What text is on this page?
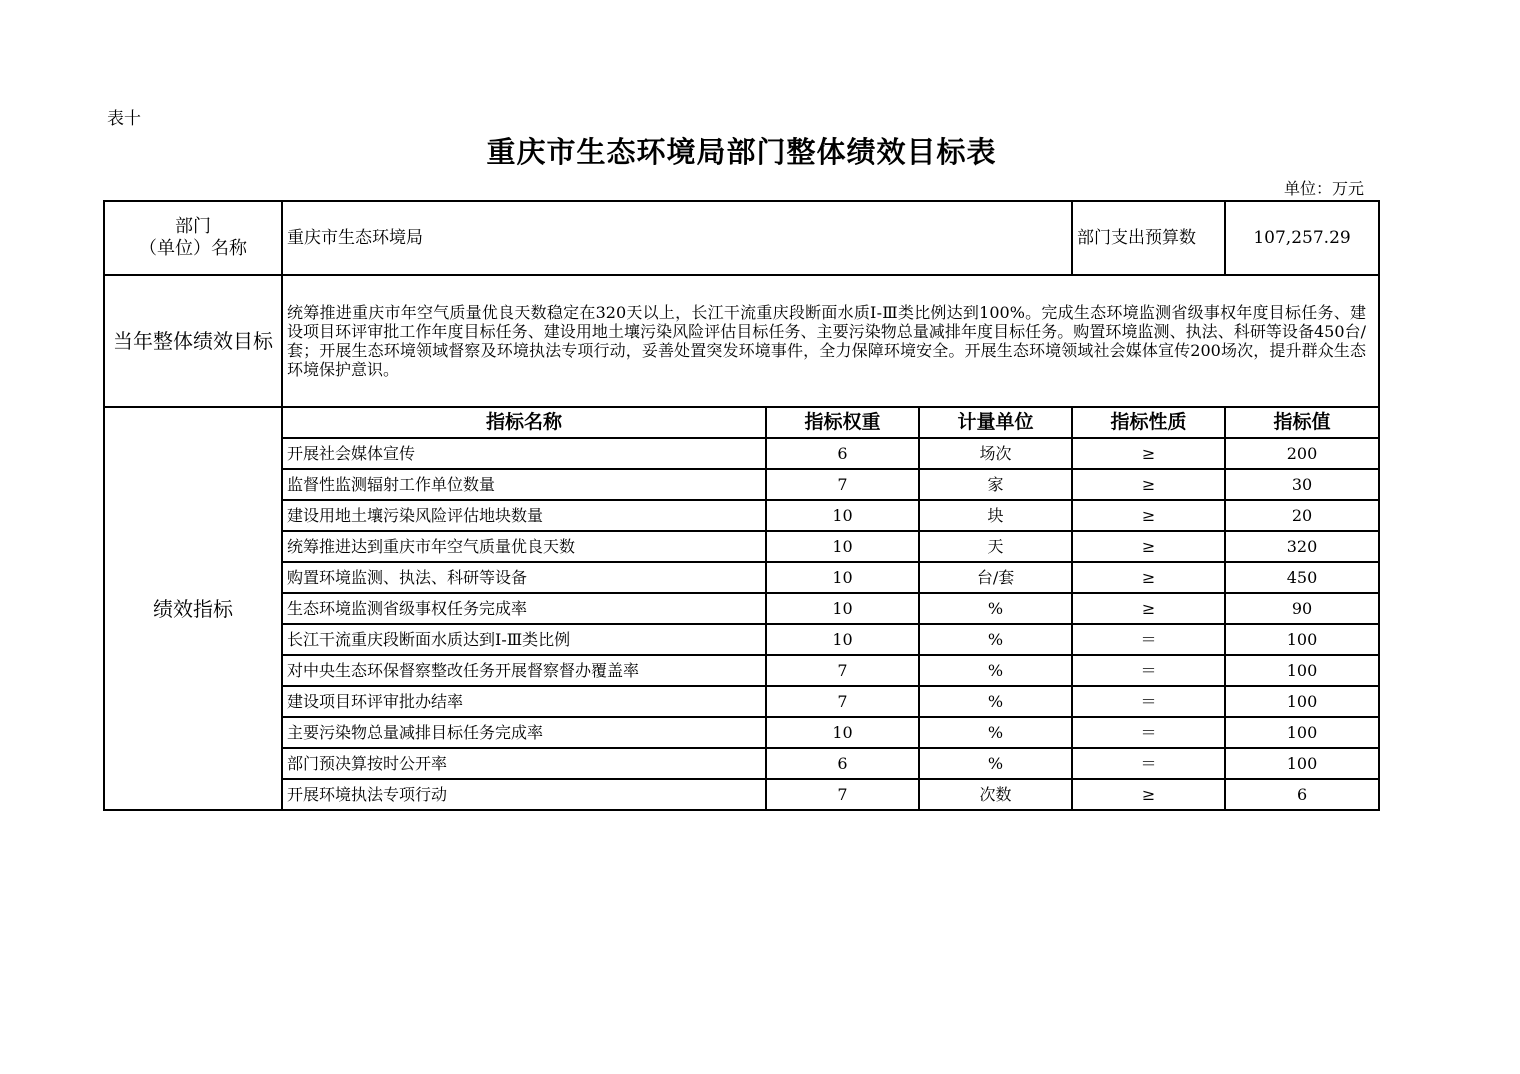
表十
重庆市生态环境局部门整体绩效目标表
单位：万元
部门
（单位）名称	重庆市生态环境局			部门支出预算数	107,257.29
当年整体绩效目标	统筹推进重庆市年空气质量优良天数稳定在320天以上，长江干流重庆段断面水质Ⅰ-Ⅲ类比例达到100%。完成生态环境监测省级事权年度目标任务、建设项目环评审批工作年度目标任务、建设用地土壤污染风险评估目标任务、主要污染物总量减排年度目标任务。购置环境监测、执法、科研等设备450台/套；开展生态环境领域督察及环境执法专项行动，妥善处置突发环境事件，全力保障环境安全。开展生态环境领域社会媒体宣传200场次，提升群众生态环境保护意识。				
绩效指标	指标名称	指标权重	计量单位	指标性质	指标值
	开展社会媒体宣传	6	场次	≥	200
	监督性监测辐射工作单位数量	7	家	≥	30
	建设用地土壤污染风险评估地块数量	10	块	≥	20
	统筹推进达到重庆市年空气质量优良天数	10	天	≥	320
	购置环境监测、执法、科研等设备	10	台/套	≥	450
	生态环境监测省级事权任务完成率	10	%	≥	90
	长江干流重庆段断面水质达到Ⅰ-Ⅲ类比例	10	%	＝	100
	对中央生态环保督察整改任务开展督察督办覆盖率	7	%	＝	100
	建设项目环评审批办结率	7	%	＝	100
	主要污染物总量减排目标任务完成率	10	%	＝	100
	部门预决算按时公开率	6	%	＝	100
	开展环境执法专项行动	7	次数	≥	6
